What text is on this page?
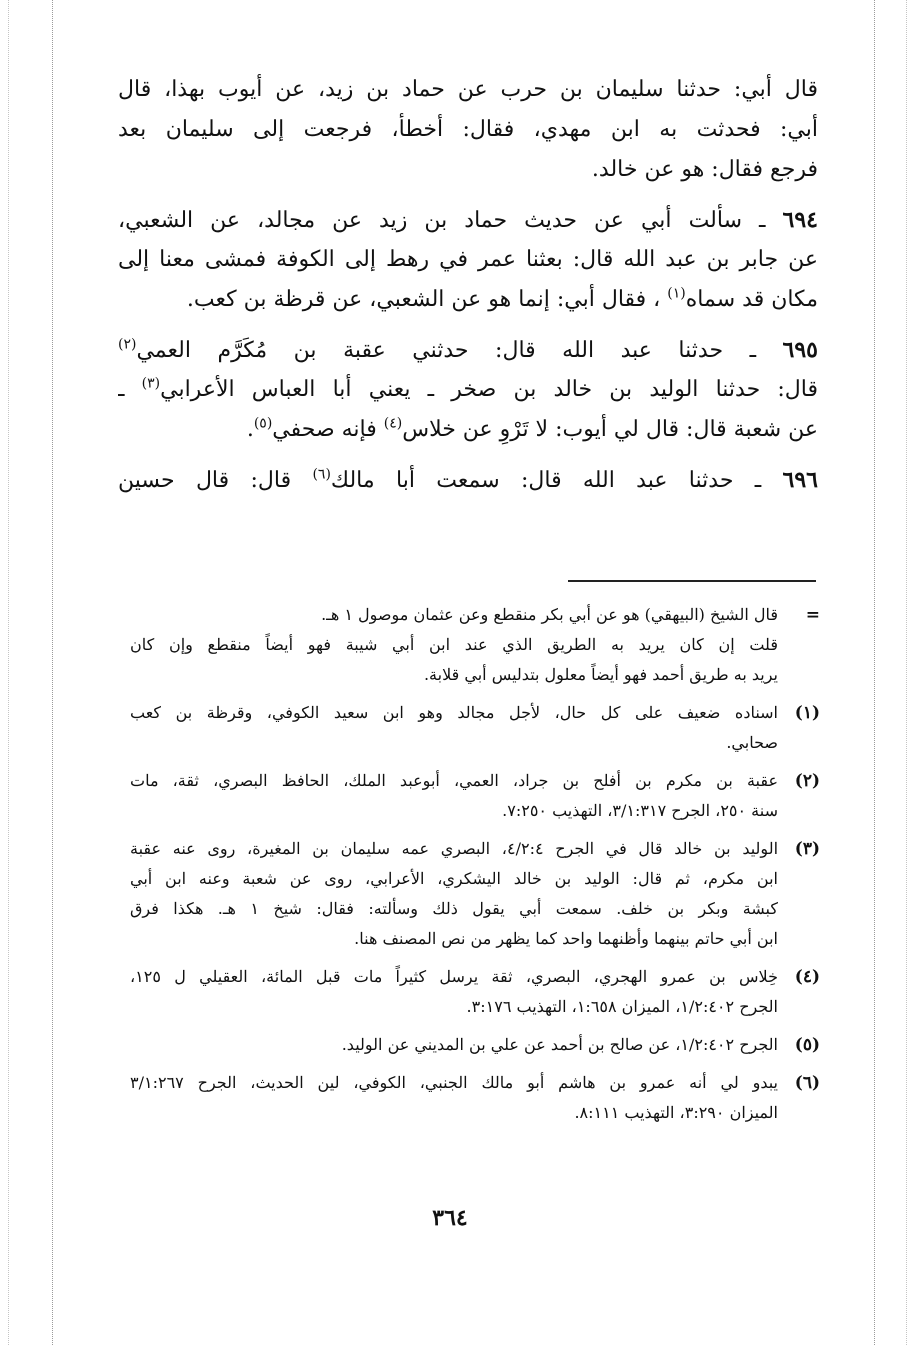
قال أبي: حدثنا سليمان بن حرب عن حماد بن زيد، عن أيوب بهذا، قال
أبي: فحدثت به ابن مهدي، فقال: أخطأ، فرجعت إلى سليمان بعد
فرجع فقال: هو عن خالد.
٦٩٤ ـ سألت أبي عن حديث حماد بن زيد عن مجالد، عن الشعبي،
عن جابر بن عبد الله قال: بعثنا عمر في رهط إلى الكوفة فمشى معنا إلى
مكان قد سماه$^{(١)}$ ، فقال أبي: إنما هو عن الشعبي، عن قرظة بن كعب.
٦٩٥ ـ حدثنا عبد الله قال: حدثني عقبة بن مُكَرَّم العمي$^{(٢)}$
قال: حدثنا الوليد بن خالد بن صخر ـ يعني أبا العباس الأعرابي$^{(٣)}$ ـ
عن شعبة قال: قال لي أيوب: لا تَرْوِ عن خلاس$^{(٤)}$ فإنه صحفي$^{(٥)}$.
٦٩٦ ـ حدثنا عبد الله قال: سمعت أبا مالك$^{(٦)}$ قال: قال حسين
=
قال الشيخ (البيهقي) هو عن أبي بكر منقطع وعن عثمان موصول ١ هـ.
قلت إن كان يريد به الطريق الذي عند ابن أبي شيبة فهو أيضاً منقطع وإن كان
يريد به طريق أحمد فهو أيضاً معلول بتدليس أبي قلابة.
(١)
اسناده ضعيف على كل حال، لأجل مجالد وهو ابن سعيد الكوفي، وقرظة بن كعب
صحابي.
(٢)
عقبة بن مكرم بن أفلح بن جراد، العمي، أبوعبد الملك، الحافظ البصري، ثقة، مات
سنة ٢٥٠، الجرح ٣/١:٣١٧، التهذيب ٧:٢٥٠.
(٣)
الوليد بن خالد قال في الجرح ٤/٢:٤، البصري عمه سليمان بن المغيرة، روى عنه عقبة
ابن مكرم، ثم قال: الوليد بن خالد اليشكري، الأعرابي، روى عن شعبة وعنه ابن أبي
كبشة وبكر بن خلف. سمعت أبي يقول ذلك وسألته: فقال: شيخ ١ هـ. هكذا فرق
ابن أبي حاتم بينهما وأظنهما واحد كما يظهر من نص المصنف هنا.
(٤)
خِلاس بن عمرو الهجري، البصري، ثقة يرسل كثيراً مات قبل المائة، العقيلي ل ١٢٥،
الجرح ١/٢:٤٠٢، الميزان ١:٦٥٨، التهذيب ٣:١٧٦.
(٥)
الجرح ١/٢:٤٠٢، عن صالح بن أحمد عن علي بن المديني عن الوليد.
(٦)
يبدو لي أنه عمرو بن هاشم أبو مالك الجنبي، الكوفي، لين الحديث، الجرح ٣/١:٢٦٧
الميزان ٣:٢٩٠، التهذيب ٨:١١١.
٣٦٤
